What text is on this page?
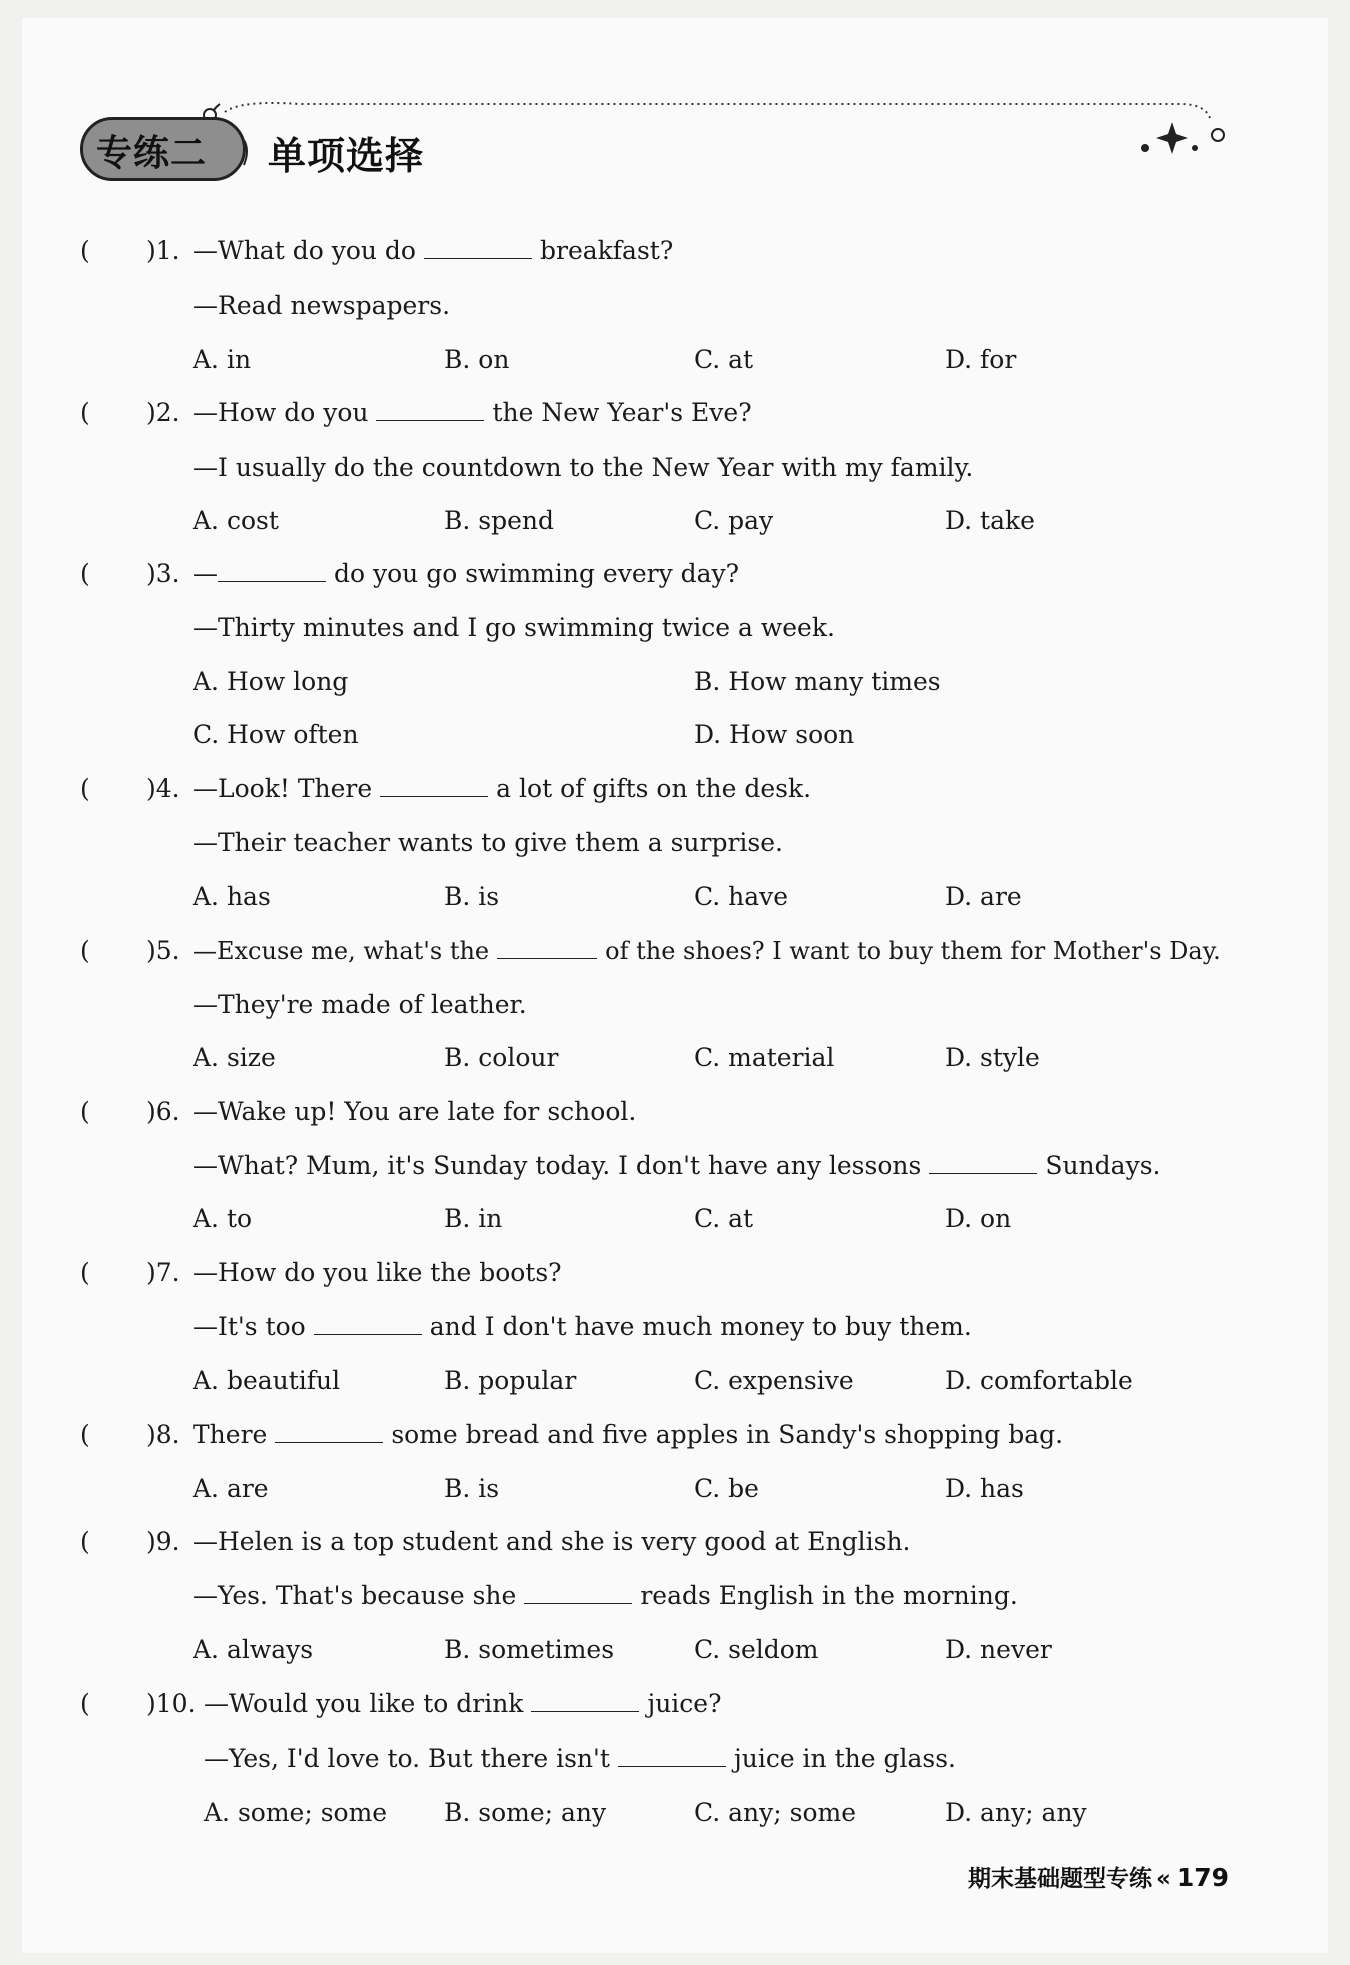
专练二 单项选择
( )1. —What do you do	breakfast?
—Read newspapers.
A. in	B. on	C. at	D. for
( )2. —How do you	the New Year's Eve?
—I usually do the countdown to the New Year with my family.
A. cost	B. spend	C. pay	D. take
( )3. —	do you go swimming every day?
—Thirty minutes and I go swimming twice a week.
A. How long	B. How many times
C. How often	D. How soon
( )4. —Look! There	a lot of gifts on the desk.
—Their teacher wants to give them a surprise.
A. has	B. is	C. have	D. are
( )5. —Excuse me, what's the	of the shoes? I want to buy them for Mother's Day.
—They're made of leather.
A. size	B. colour	C. material	D. style
( )6. —Wake up! You are late for school.
—What? Mum, it's Sunday today. I don't have any lessons	Sundays.
A. to	B. in	C. at	D. on
( )7. —How do you like the boots?
—It's too	and I don't have much money to buy them.
A. beautiful	B. popular	C. expensive	D. comfortable
( )8. There	some bread and five apples in Sandy's shopping bag.
A. are	B. is	C. be	D. has
( )9. —Helen is a top student and she is very good at English.
—Yes. That's because she	reads English in the morning.
A. always	B. sometimes	C. seldom	D. never
( )10. —Would you like to drink	juice?
—Yes, I'd love to. But there isn't	juice in the glass.
A. some; some B. some; any	C. any; some	D. any; any
期末基础题型专练 « 179
